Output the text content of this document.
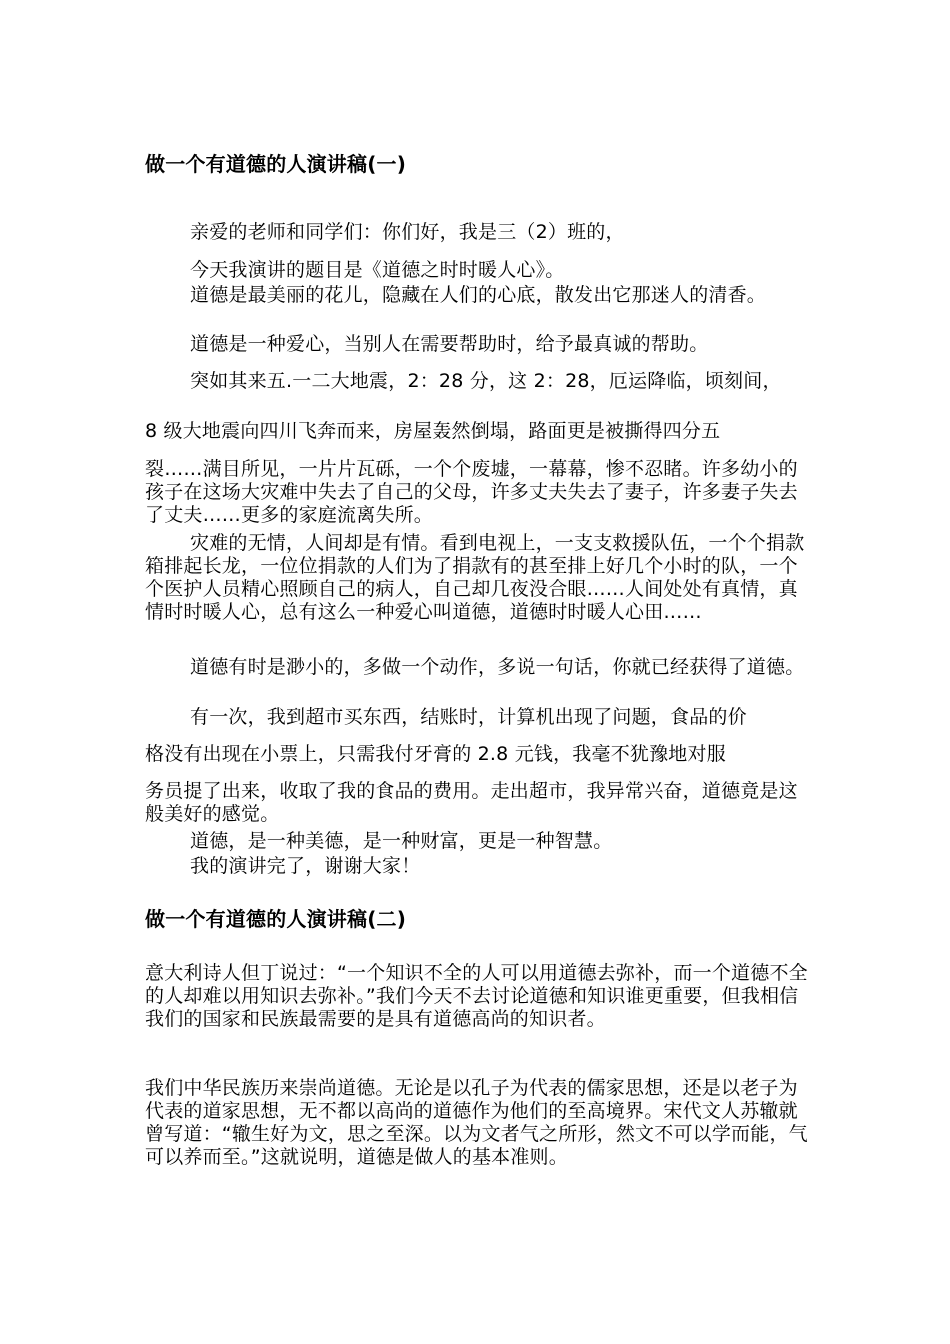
做一个有道德的人演讲稿(一)

亲爱的老师和同学们：你们好，我是三（2）班的，

今天我演讲的题目是《道德之时时暖人心》。

道德是最美丽的花儿，隐藏在人们的心底，散发出它那迷人的清香。

道德是一种爱心，当别人在需要帮助时，给予最真诚的帮助。

突如其来五.一二大地震，2：28 分，这 2：28，厄运降临，顷刻间，

8 级大地震向四川飞奔而来，房屋轰然倒塌，路面更是被撕得四分五

裂……满目所见，一片片瓦砾，一个个废墟，一幕幕，惨不忍睹。许多幼小的孩子在这场大灾难中失去了自己的父母，许多丈夫失去了妻子，许多妻子失去了丈夫……更多的家庭流离失所。

灾难的无情，人间却是有情。看到电视上，一支支救援队伍，一个个捐款箱排起长龙，一位位捐款的人们为了捐款有的甚至排上好几个小时的队，一个个医护人员精心照顾自己的病人，自己却几夜没合眼……人间处处有真情，真情时时暖人心，总有这么一种爱心叫道德，道德时时暖人心田……

道德有时是渺小的，多做一个动作，多说一句话，你就已经获得了道德。

有一次，我到超市买东西，结账时，计算机出现了问题，食品的价

格没有出现在小票上，只需我付牙膏的 2.8 元钱，我毫不犹豫地对服

务员提了出来，收取了我的食品的费用。走出超市，我异常兴奋，道德竟是这般美好的感觉。

道德，是一种美德，是一种财富，更是一种智慧。

我的演讲完了，谢谢大家！

做一个有道德的人演讲稿(二)

意大利诗人但丁说过：“一个知识不全的人可以用道德去弥补，而一个道德不全的人却难以用知识去弥补。”我们今天不去讨论道德和知识谁更重要，但我相信我们的国家和民族最需要的是具有道德高尚的知识者。

我们中华民族历来崇尚道德。无论是以孔子为代表的儒家思想，还是以老子为代表的道家思想，无不都以高尚的道德作为他们的至高境界。宋代文人苏辙就曾写道：“辙生好为文，思之至深。以为文者气之所形，然文不可以学而能，气可以养而至。”这就说明，道德是做人的基本准则。
